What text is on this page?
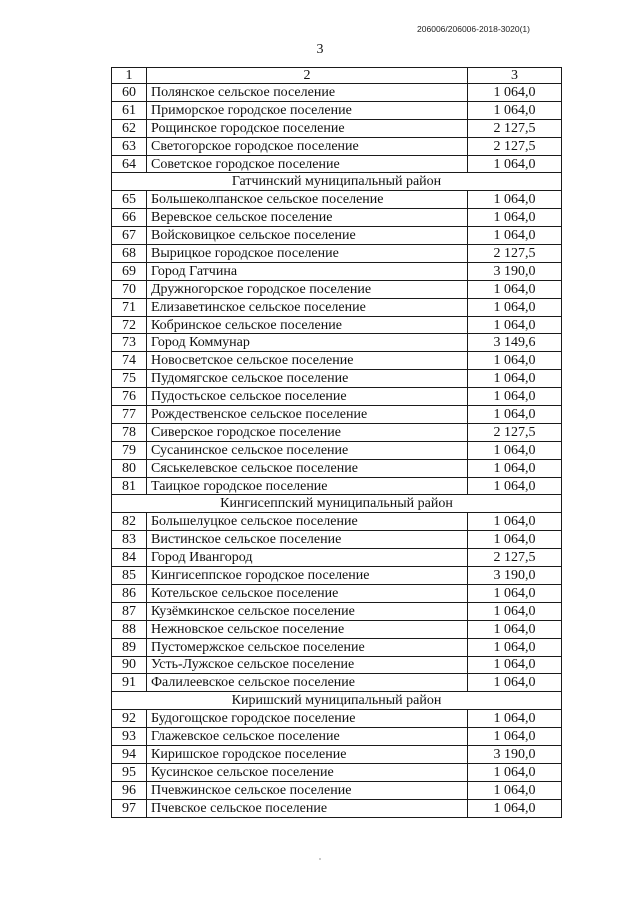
206006/206006-2018-3020(1)
3
1	2	3
60	Полянское сельское поселение	1 064,0
61	Приморское городское поселение	1 064,0
62	Рощинское городское поселение	2 127,5
63	Светогорское городское поселение	2 127,5
64	Советское городское поселение	1 064,0
Гатчинский муниципальный район		
65	Большеколпанское сельское поселение	1 064,0
66	Веревское сельское поселение	1 064,0
67	Войсковицкое сельское поселение	1 064,0
68	Вырицкое городское поселение	2 127,5
69	Город Гатчина	3 190,0
70	Дружногорское городское поселение	1 064,0
71	Елизаветинское сельское поселение	1 064,0
72	Кобринское сельское поселение	1 064,0
73	Город Коммунар	3 149,6
74	Новосветское сельское поселение	1 064,0
75	Пудомягское сельское поселение	1 064,0
76	Пудостьское сельское поселение	1 064,0
77	Рождественское сельское поселение	1 064,0
78	Сиверское городское поселение	2 127,5
79	Сусанинское сельское поселение	1 064,0
80	Сяськелевское сельское поселение	1 064,0
81	Таицкое городское поселение	1 064,0
Кингисеппский муниципальный район		
82	Большелуцкое сельское поселение	1 064,0
83	Вистинское сельское поселение	1 064,0
84	Город Ивангород	2 127,5
85	Кингисеппское городское поселение	3 190,0
86	Котельское сельское поселение	1 064,0
87	Кузёмкинское сельское поселение	1 064,0
88	Нежновское сельское поселение	1 064,0
89	Пустомержское сельское поселение	1 064,0
90	Усть-Лужское сельское поселение	1 064,0
91	Фалилеевское сельское поселение	1 064,0
Киришский муниципальный район		
92	Будогощское городское поселение	1 064,0
93	Глажевское сельское поселение	1 064,0
94	Киришское городское поселение	3 190,0
95	Кусинское сельское поселение	1 064,0
96	Пчевжинское сельское поселение	1 064,0
97	Пчевское сельское поселение	1 064,0
